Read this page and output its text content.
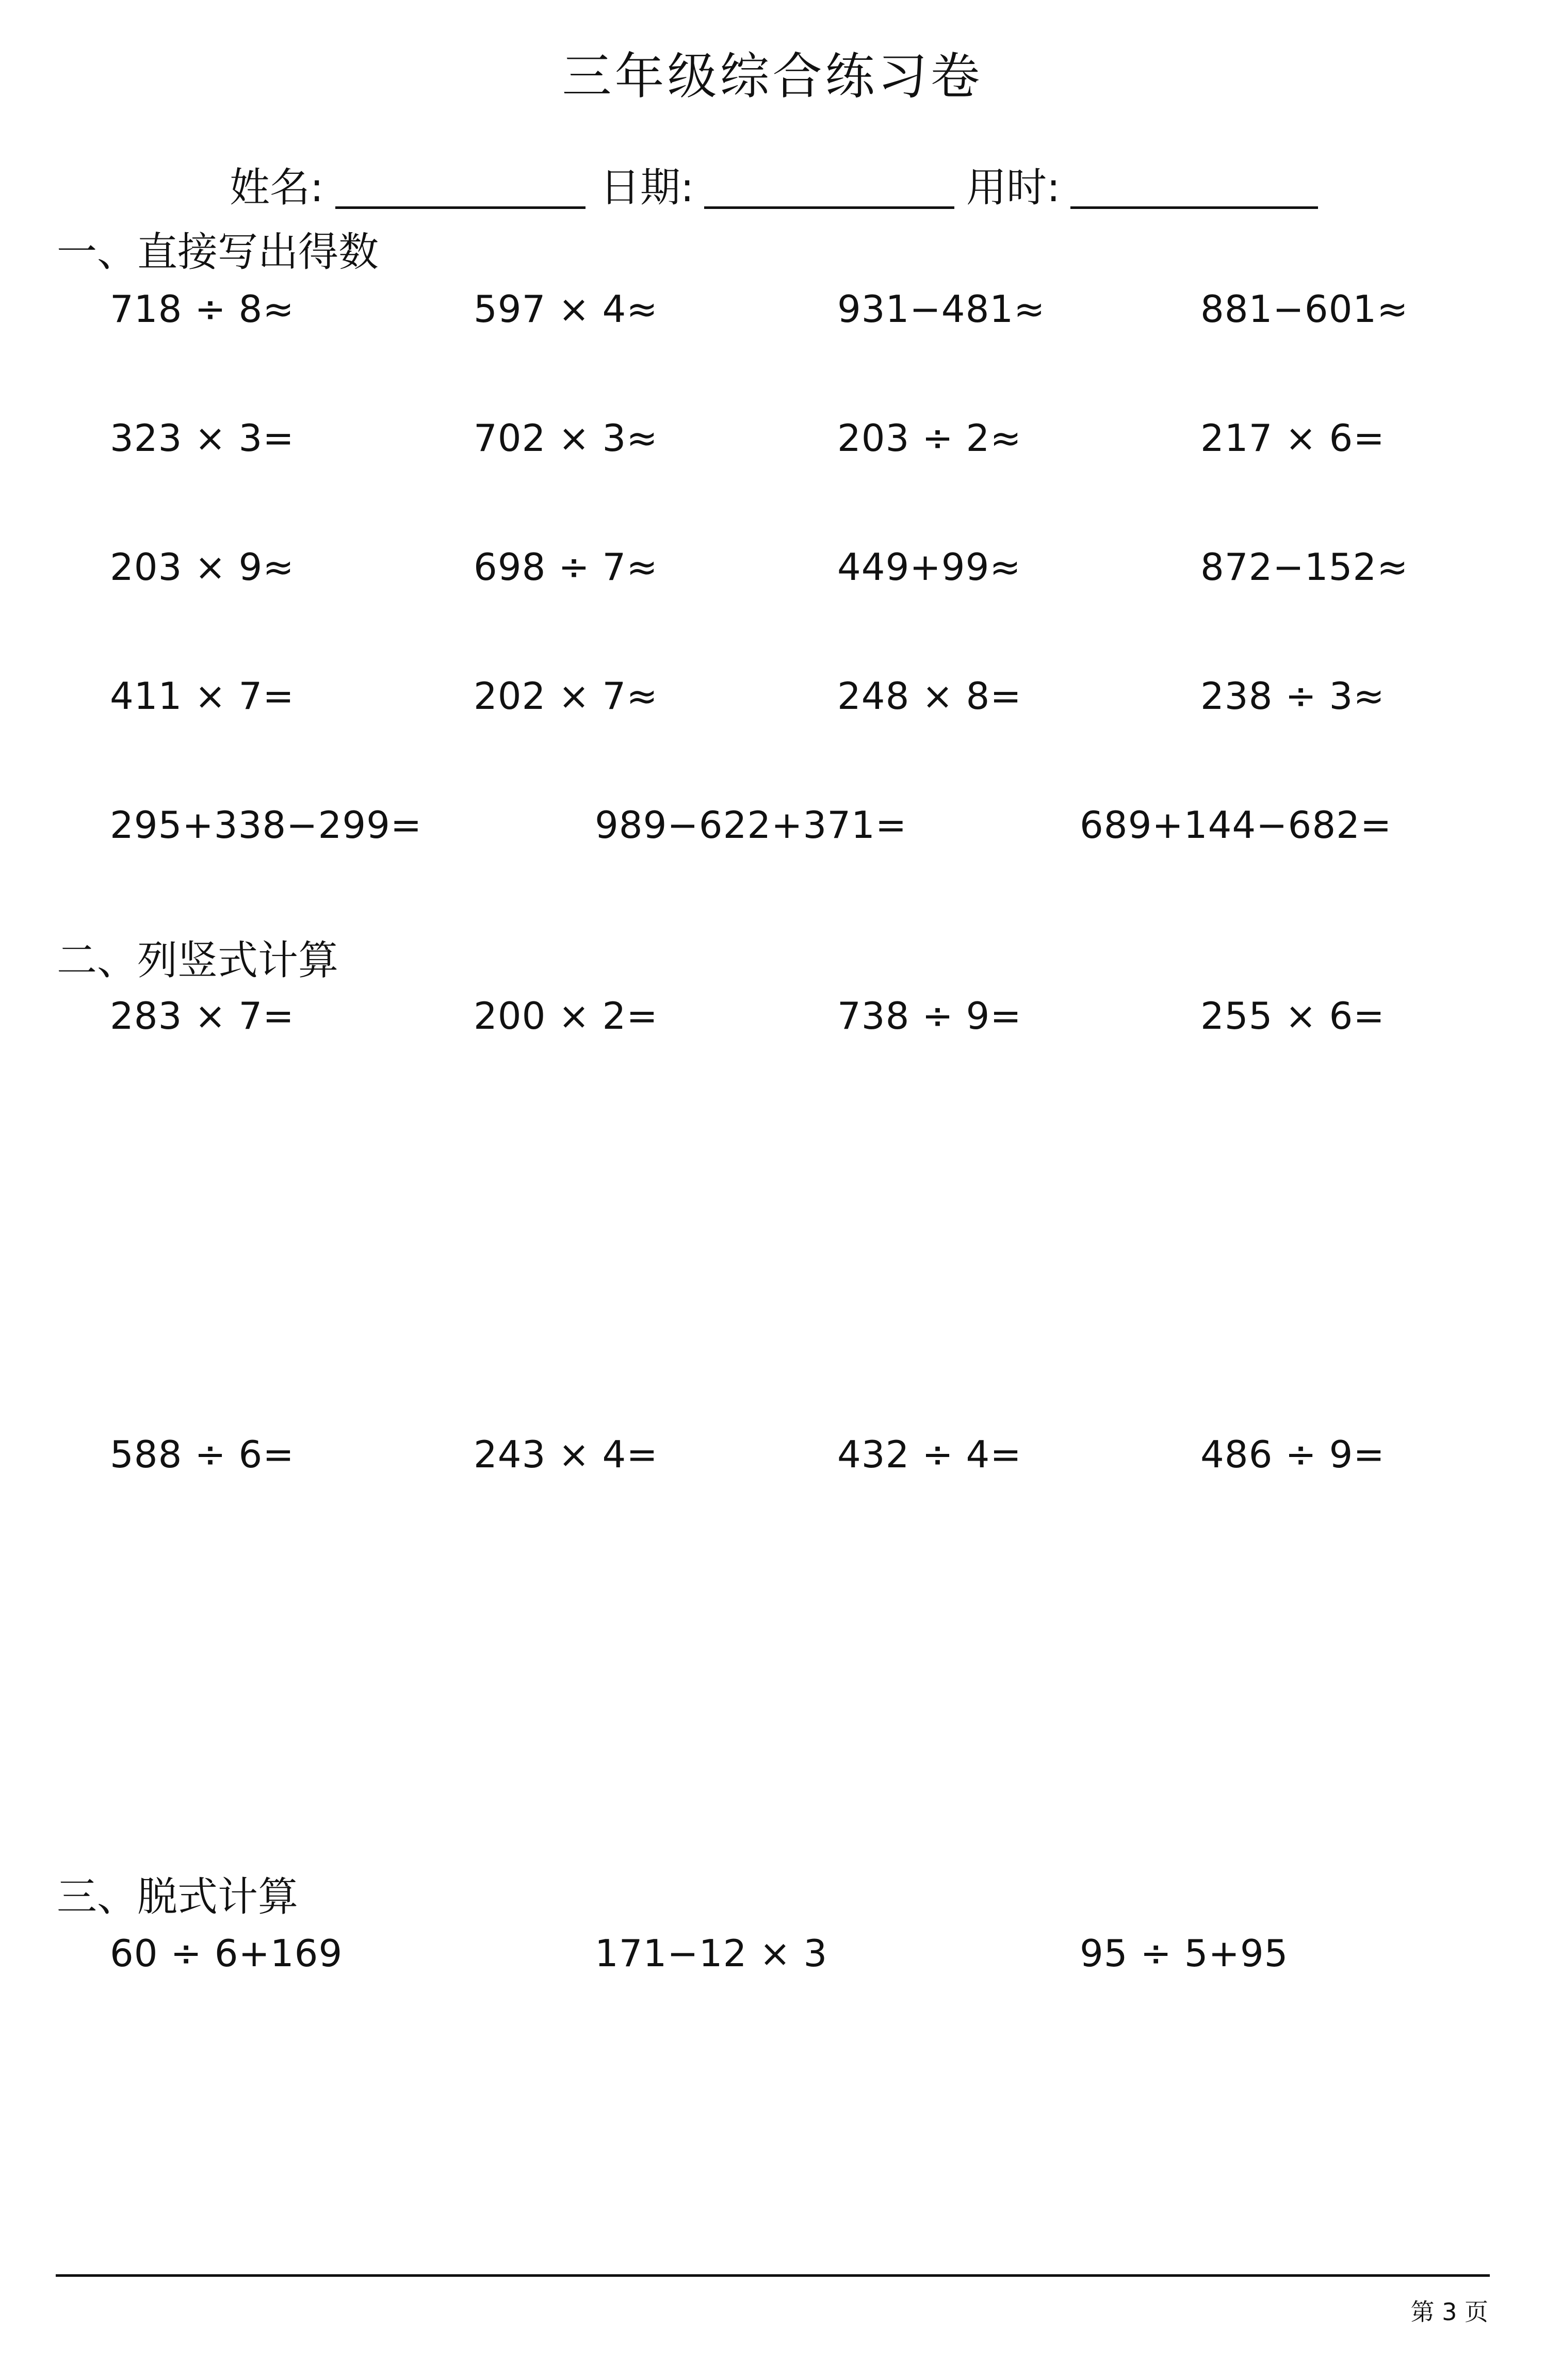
三年级综合练习卷
姓名:	日期:	用时:
一、直接写出得数
718 ÷ 8≈	597 × 4≈	931−481≈	881−601≈
323 × 3=	702 × 3≈	203 ÷ 2≈	217 × 6=
203 × 9≈	698 ÷ 7≈	449+99≈	872−152≈
411 × 7=	202 × 7≈	248 × 8=	238 ÷ 3≈
295+338−299=	989−622+371=	689+144−682=
二、列竖式计算
283 × 7=	200 × 2=	738 ÷ 9=	255 × 6=
588 ÷ 6=	243 × 4=	432 ÷ 4=	486 ÷ 9=
三、脱式计算
60 ÷ 6+169	171−12 × 3	95 ÷ 5+95
第 3 页
